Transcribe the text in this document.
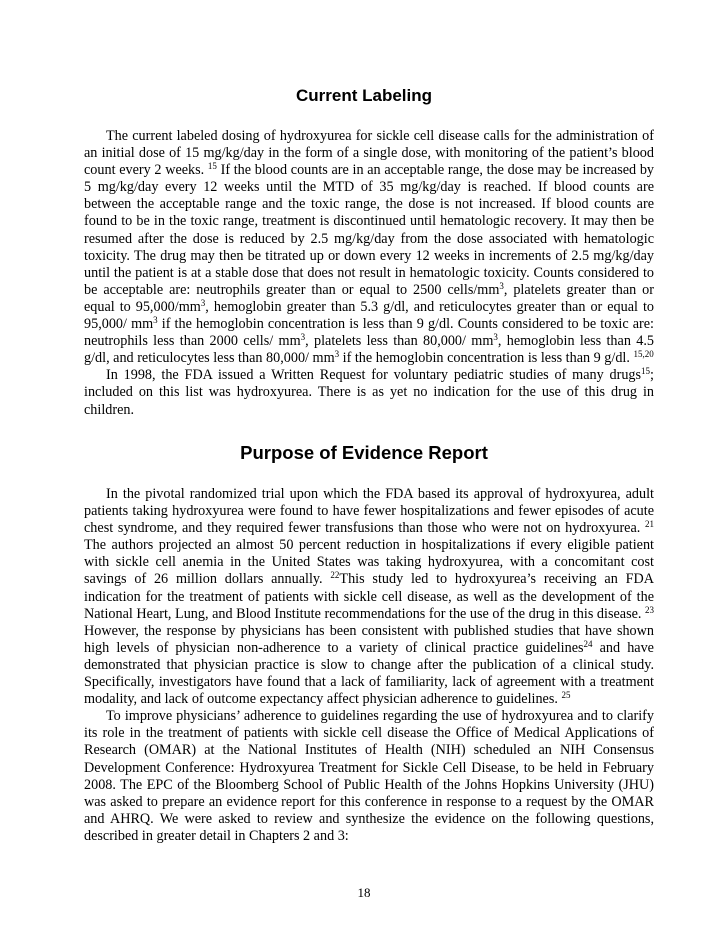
Current Labeling

The current labeled dosing of hydroxyurea for sickle cell disease calls for the administration of an initial dose of 15 mg/kg/day in the form of a single dose, with monitoring of the patient’s blood count every 2 weeks. $^{15}$ If the blood counts are in an acceptable range, the dose may be increased by 5 mg/kg/day every 12 weeks until the MTD of 35 mg/kg/day is reached. If blood counts are between the acceptable range and the toxic range, the dose is not increased. If blood counts are found to be in the toxic range, treatment is discontinued until hematologic recovery. It may then be resumed after the dose is reduced by 2.5 mg/kg/day from the dose associated with hematologic toxicity. The drug may then be titrated up or down every 12 weeks in increments of 2.5 mg/kg/day until the patient is at a stable dose that does not result in hematologic toxicity. Counts considered to be acceptable are: neutrophils greater than or equal to 2500 cells/$mm^3$, platelets greater than or equal to $95,000/mm^3$, hemoglobin greater than 5.3 g/dl, and reticulocytes greater than or equal to 95,000/ $mm^3$ if the hemoglobin concentration is less than 9 g/dl. Counts considered to be toxic are: neutrophils less than 2000 cells/ $mm^3$, platelets less than 80,000/ $mm^3$, hemoglobin less than 4.5 g/dl, and reticulocytes less than 80,000/ $mm^3$ if the hemoglobin concentration is less than 9 g/dl. $^{15,20}$

In 1998, the FDA issued a Written Request for voluntary pediatric studies of many drugs$^{15}$; included on this list was hydroxyurea. There is as yet no indication for the use of this drug in children.

Purpose of Evidence Report

In the pivotal randomized trial upon which the FDA based its approval of hydroxyurea, adult patients taking hydroxyurea were found to have fewer hospitalizations and fewer episodes of acute chest syndrome, and they required fewer transfusions than those who were not on hydroxyurea. $^{21}$ The authors projected an almost 50 percent reduction in hospitalizations if every eligible patient with sickle cell anemia in the United States was taking hydroxyurea, with a concomitant cost savings of 26 million dollars annually. $^{22}$This study led to hydroxyurea’s receiving an FDA indication for the treatment of patients with sickle cell disease, as well as the development of the National Heart, Lung, and Blood Institute recommendations for the use of the drug in this disease. $^{23}$ However, the response by physicians has been consistent with published studies that have shown high levels of physician non-adherence to a variety of clinical practice guidelines$^{24}$ and have demonstrated that physician practice is slow to change after the publication of a clinical study. Specifically, investigators have found that a lack of familiarity, lack of agreement with a treatment modality, and lack of outcome expectancy affect physician adherence to guidelines. $^{25}$

To improve physicians’ adherence to guidelines regarding the use of hydroxyurea and to clarify its role in the treatment of patients with sickle cell disease the Office of Medical Applications of Research (OMAR) at the National Institutes of Health (NIH) scheduled an NIH Consensus Development Conference: Hydroxyurea Treatment for Sickle Cell Disease, to be held in February 2008. The EPC of the Bloomberg School of Public Health of the Johns Hopkins University (JHU) was asked to prepare an evidence report for this conference in response to a request by the OMAR and AHRQ. We were asked to review and synthesize the evidence on the following questions, described in greater detail in Chapters 2 and 3:

18
